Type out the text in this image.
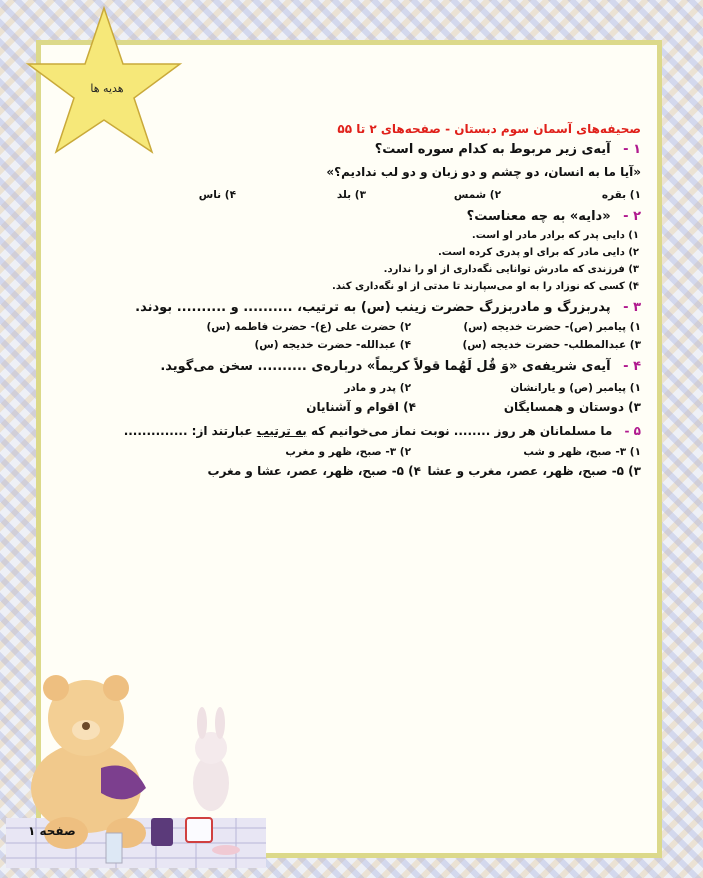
هدیه ها
صحیفه‌های آسمان سوم دبستان - صفحه‌های ۲ تا ۵۵
۱ - آیه‌ی زیر مربوط به کدام سوره است؟
«آیا ما به انسان، دو چشم و دو زبان و دو لب ندادیم؟»
۱) بقره
۲) شمس
۳) بلد
۴) ناس
۲ - «دایه» به چه معناست؟
۱) دایی پدر که برادر مادر او است.
۲) دایی مادر که برای او پدری کرده است.
۳) فرزندی که مادرش توانایی نگه‌داری از او را ندارد.
۴) کسی که نوزاد را به او می‌سپارند تا مدتی از او نگه‌داری کند.
۳ - پدربزرگ و مادربزرگ حضرت زینب (س) به ترتیب، .......... و .......... بودند.
۱) پیامبر (ص)- حضرت خدیجه (س)
۲) حضرت علی (ع)- حضرت فاطمه (س)
۳) عبدالمطلب- حضرت خدیجه (س)
۴) عبدالله- حضرت خدیجه (س)
۴ - آیه‌ی شریفه‌ی «وَ قُل لَهُما قولاً کریماً» درباره‌ی .......... سخن می‌گوید.
۱) پیامبر (ص) و یارانشان
۲) پدر و مادر
۳) دوستان و همسایگان
۴) اقوام و آشنایان
۵ - ما مسلمانان هر روز ........ نوبت نماز می‌خوانیم که به ترتیب عبارتند از: ..............
۱) ۳- صبح، ظهر و شب
۲) ۳- صبح، ظهر و مغرب
۳) ۵- صبح، ظهر، عصر، مغرب و عشا
۴) ۵- صبح، ظهر، عصر، عشا و مغرب
صفحه ۱
